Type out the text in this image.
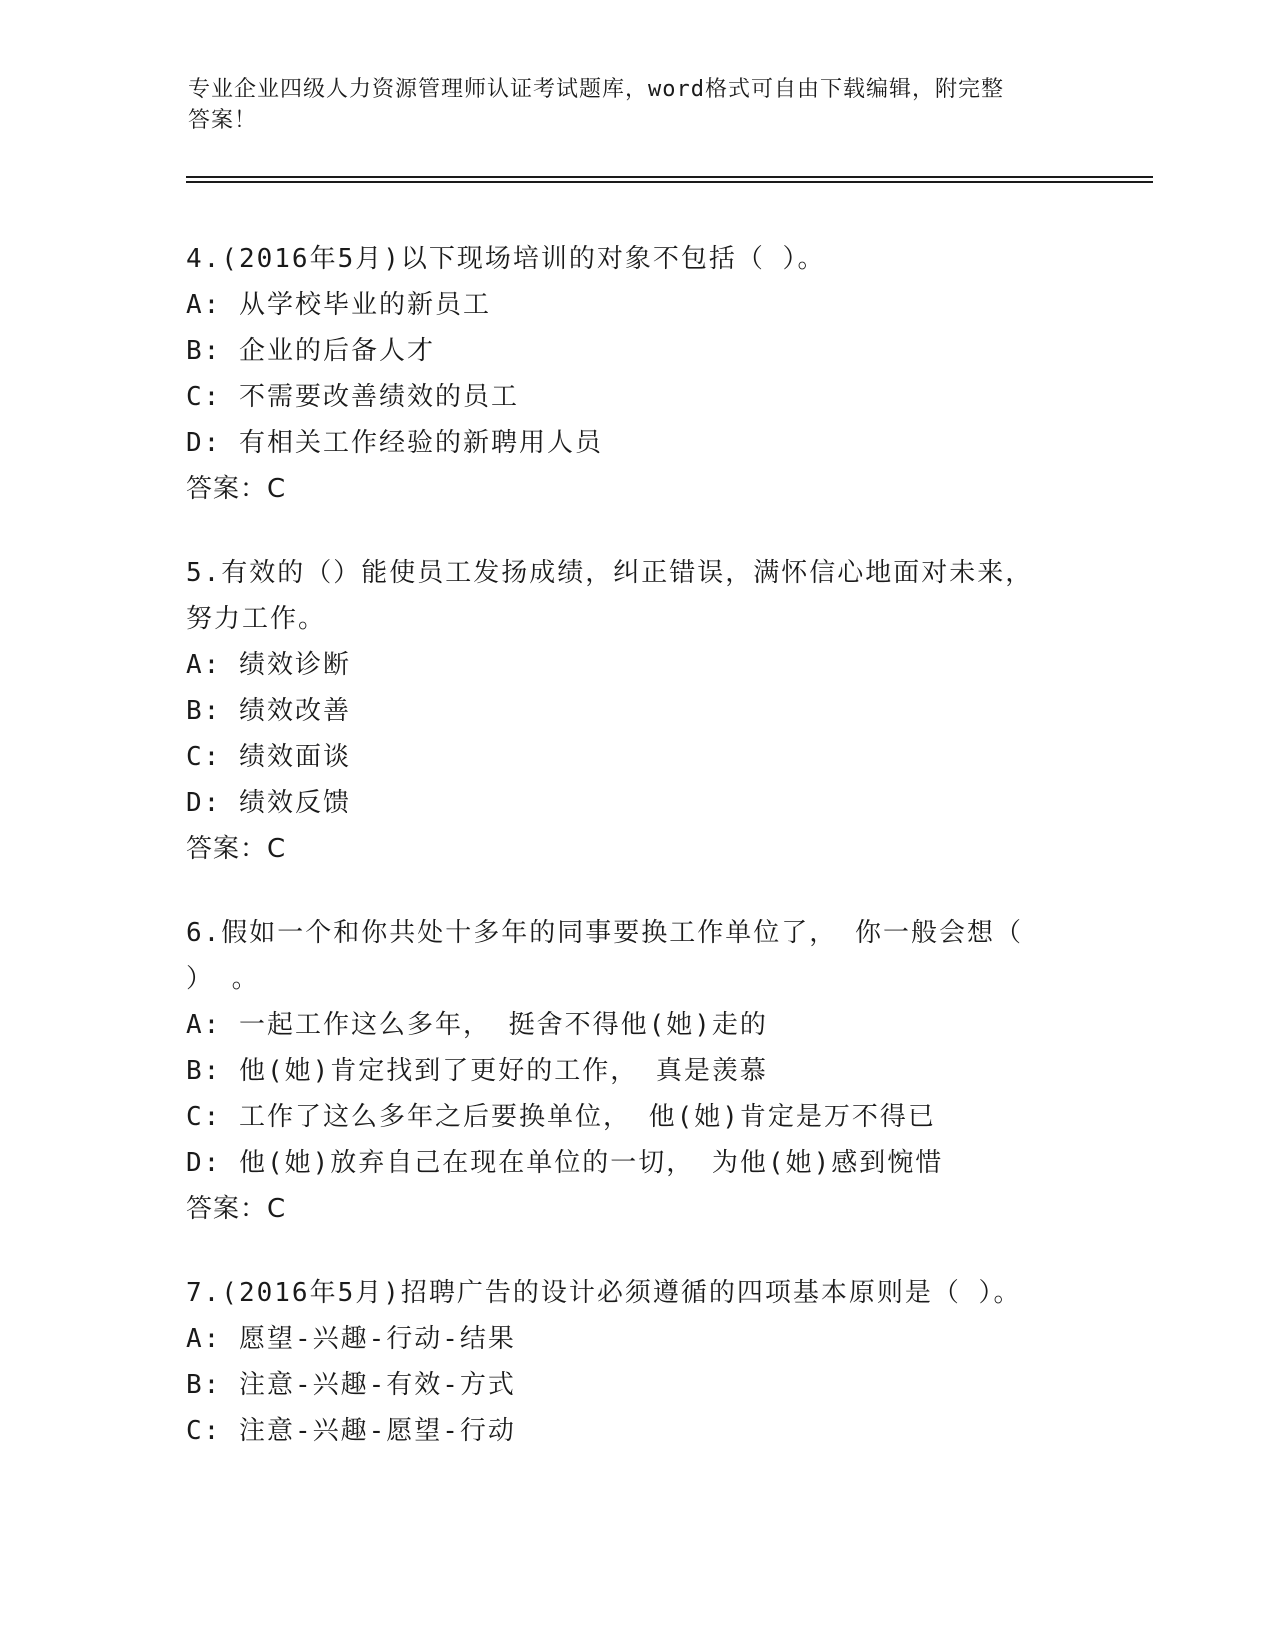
专业企业四级人力资源管理师认证考试题库，word格式可自由下载编辑，附完整
答案！
4.(2016年5月)以下现场培训的对象不包括（ ）。
A: 从学校毕业的新员工
B: 企业的后备人才
C: 不需要改善绩效的员工
D: 有相关工作经验的新聘用人员
答案：C
5.有效的（）能使员工发扬成绩，纠正错误，满怀信心地面对未来，
努力工作。
A: 绩效诊断
B: 绩效改善
C: 绩效面谈
D: 绩效反馈
答案：C
6.假如一个和你共处十多年的同事要换工作单位了， 你一般会想（
） 。
A: 一起工作这么多年， 挺舍不得他(她)走的
B: 他(她)肯定找到了更好的工作， 真是羡慕
C: 工作了这么多年之后要换单位， 他(她)肯定是万不得已
D: 他(她)放弃自己在现在单位的一切， 为他(她)感到惋惜
答案：C
7.(2016年5月)招聘广告的设计必须遵循的四项基本原则是（ ）。
A: 愿望-兴趣-行动-结果
B: 注意-兴趣-有效-方式
C: 注意-兴趣-愿望-行动
